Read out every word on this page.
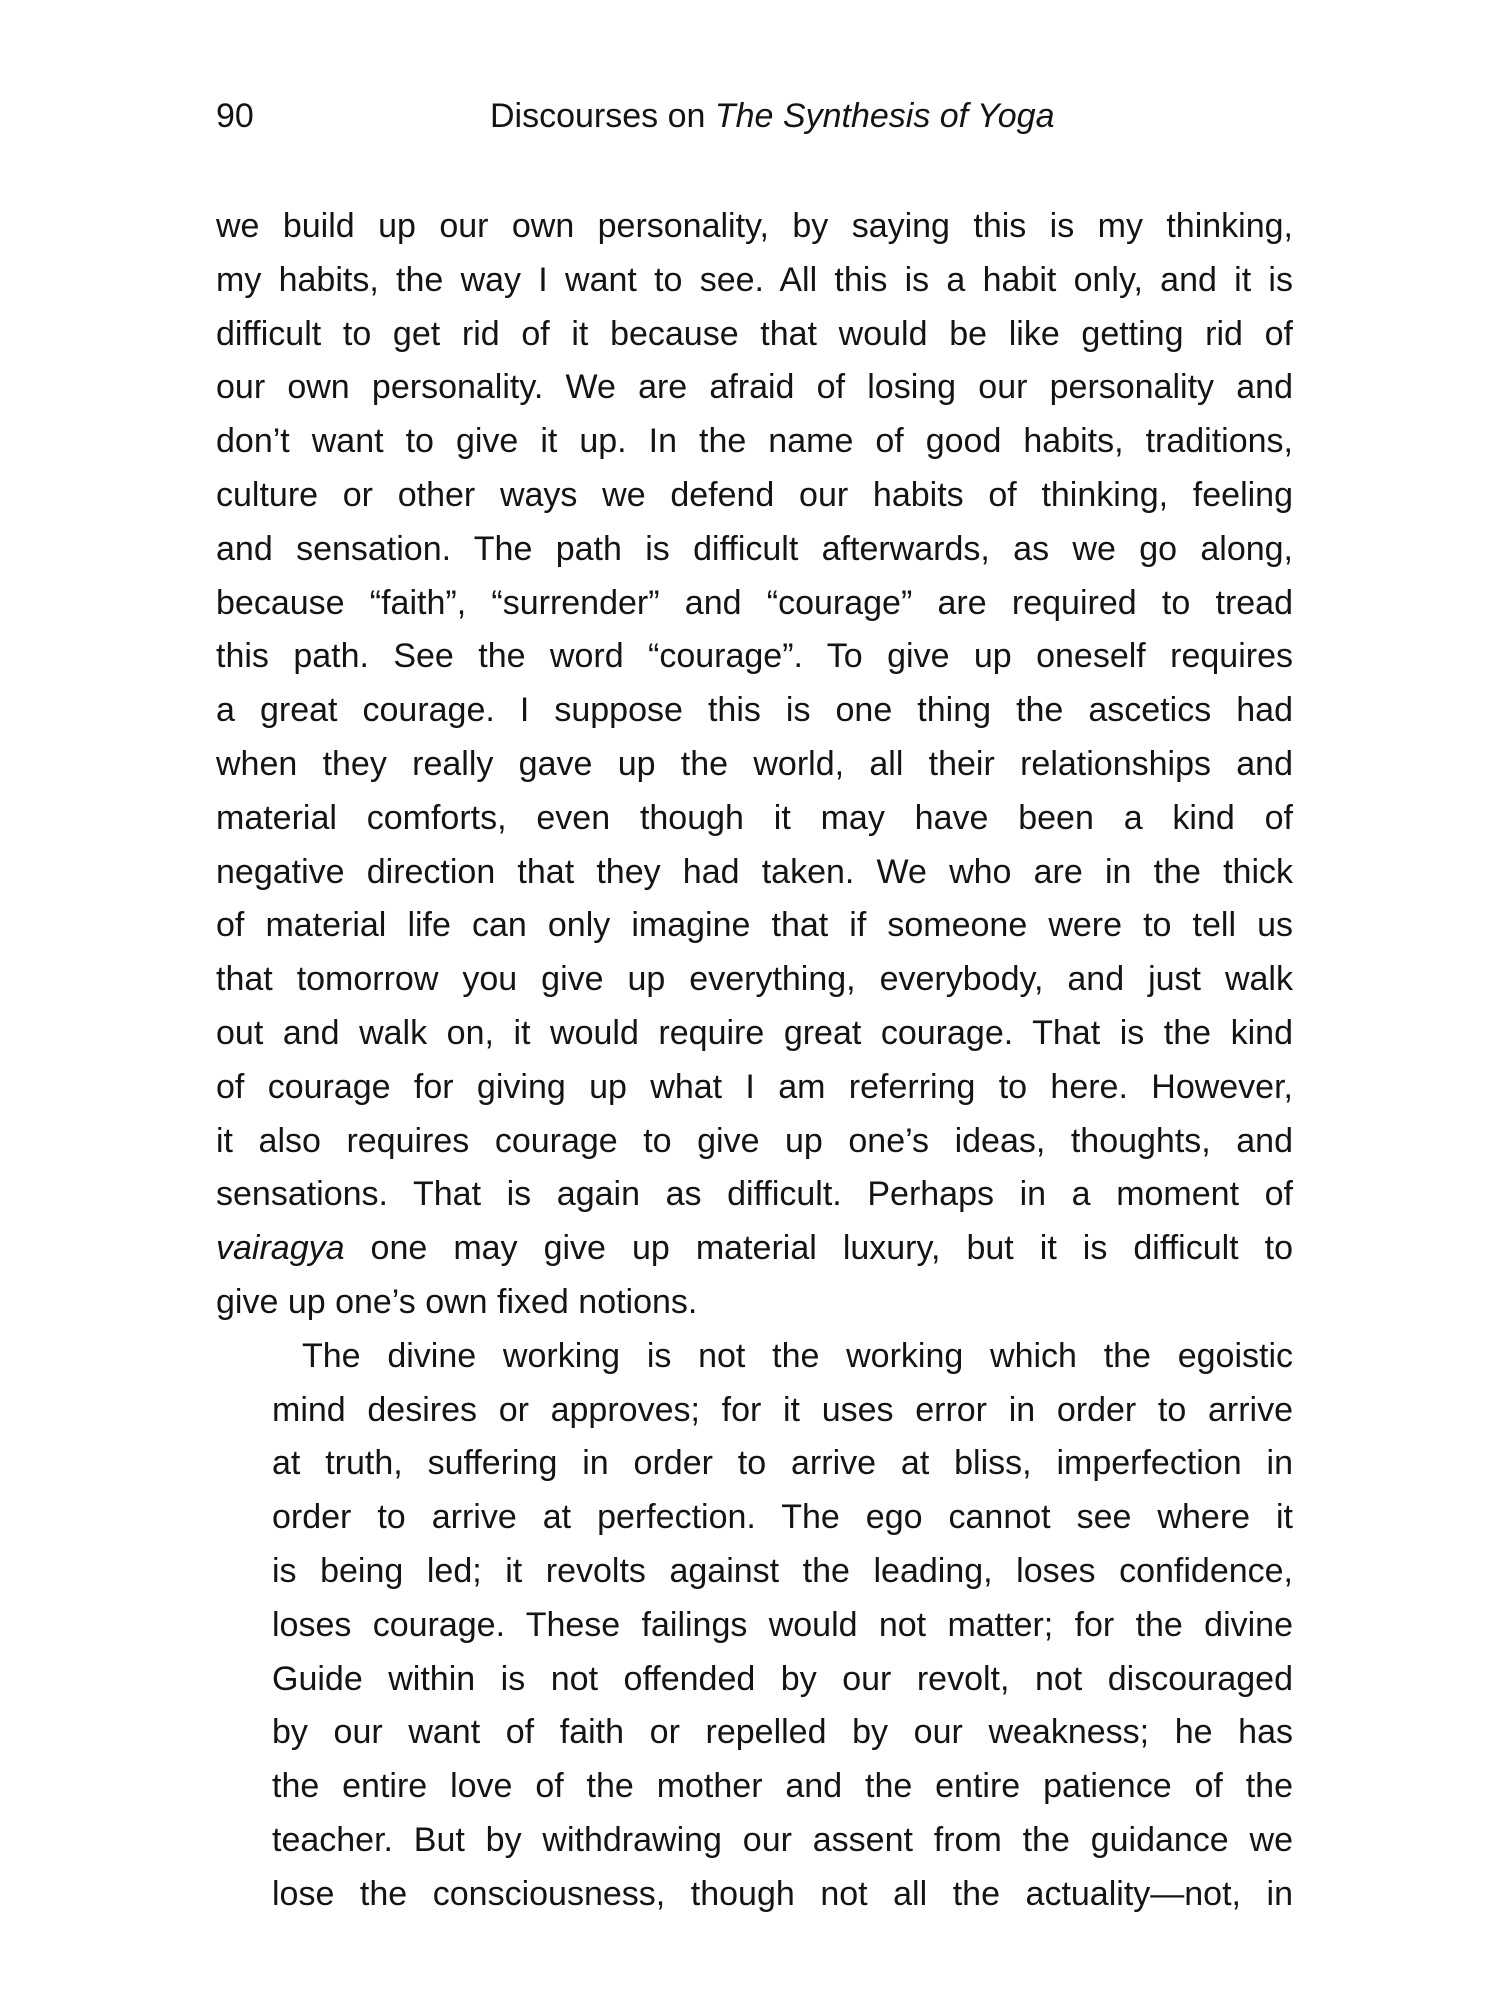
90	Discourses on The Synthesis of Yoga
we build up our own personality, by saying this is my thinking,
my habits, the way I want to see. All this is a habit only, and it is
difficult to get rid of it because that would be like getting rid of
our own personality. We are afraid of losing our personality and
don’t want to give it up. In the name of good habits, traditions,
culture or other ways we defend our habits of thinking, feeling
and sensation. The path is difficult afterwards, as we go along,
because “faith”, “surrender” and “courage” are required to tread
this path. See the word “courage”. To give up oneself requires
a great courage. I suppose this is one thing the ascetics had
when they really gave up the world, all their relationships and
material comforts, even though it may have been a kind of
negative direction that they had taken. We who are in the thick
of material life can only imagine that if someone were to tell us
that tomorrow you give up everything, everybody, and just walk
out and walk on, it would require great courage. That is the kind
of courage for giving up what I am referring to here. However,
it also requires courage to give up one’s ideas, thoughts, and
sensations. That is again as difficult. Perhaps in a moment of
vairagya one may give up material luxury, but it is difficult to
give up one’s own fixed notions.
The divine working is not the working which the egoistic
mind desires or approves; for it uses error in order to arrive
at truth, suffering in order to arrive at bliss, imperfection in
order to arrive at perfection. The ego cannot see where it
is being led; it revolts against the leading, loses confidence,
loses courage. These failings would not matter; for the divine
Guide within is not offended by our revolt, not discouraged
by our want of faith or repelled by our weakness; he has
the entire love of the mother and the entire patience of the
teacher. But by withdrawing our assent from the guidance we
lose the consciousness, though not all the actuality—not, in
